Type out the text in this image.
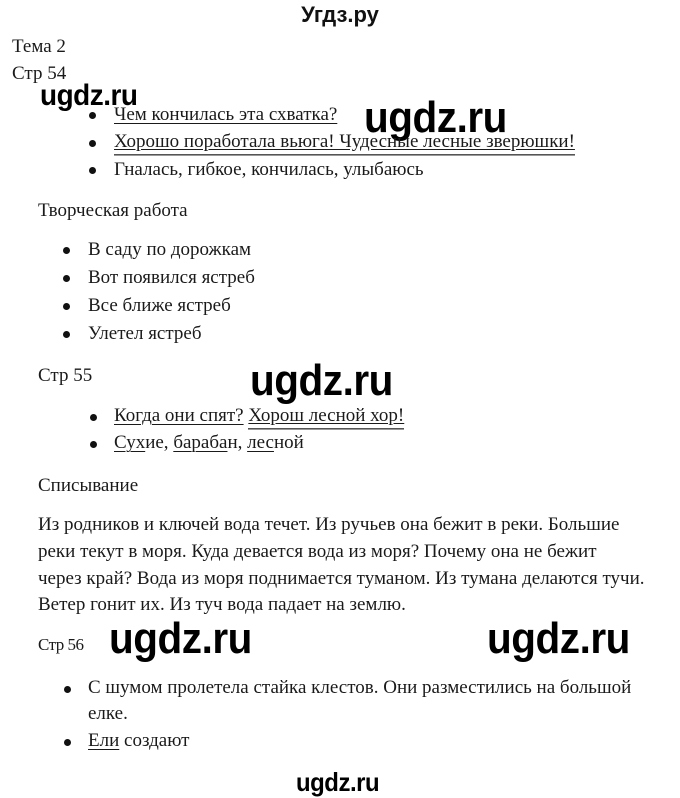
Угдз.ру
Тема 2
Стр 54
ugdz.ru	ugdz.ru
Чем кончилась эта схватка?
Хорошо поработала вьюга! Чудесные лесные зверюшки!
Гналась, гибкое, кончилась, улыбаюсь
Творческая работа
В саду по дорожкам
Вот появился ястреб
Все ближе ястреб
Улетел ястреб
Стр 55	ugdz.ru
Когда они спят? Хорош лесной хор!
Сухие, барабан, лесной
Списывание
Из родников и ключей вода течет. Из ручьев она бежит в реки. Большие
реки текут в моря. Куда девается вода из моря? Почему она не бежит
через край? Вода из моря поднимается туманом. Из тумана делаются тучи.
Ветер гонит их. Из туч вода падает на землю.
Стр 56 ugdz.ru	ugdz.ru
С шумом пролетела стайка клестов. Они разместились на большой
елке.
Ели создают
ugdz.ru
